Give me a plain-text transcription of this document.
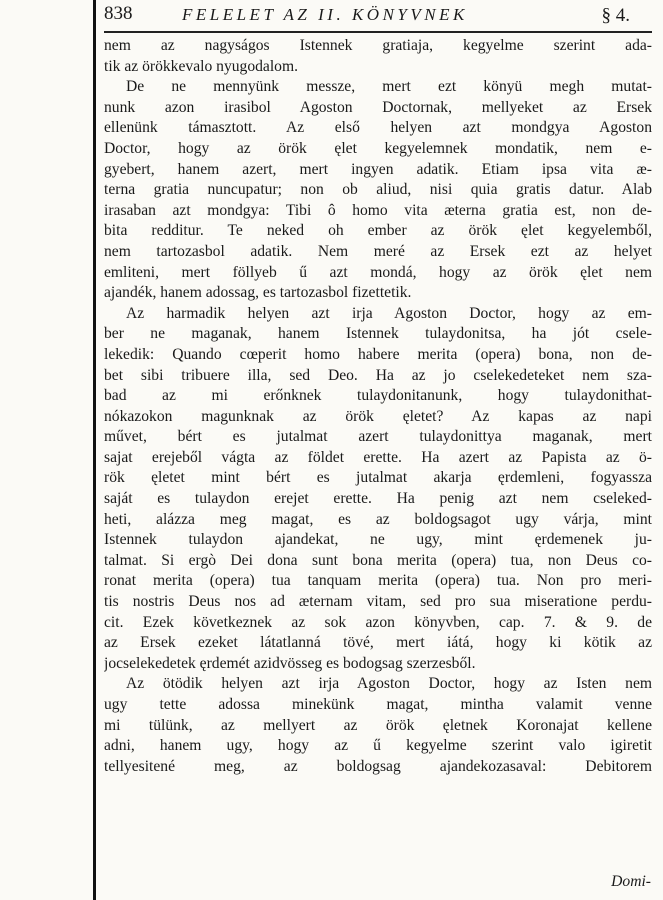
838	FELELET AZ II. KÖNYVNEK	§ 4.
nem az nagyságos Istennek gratiaja, kegyelme szerint ada-
tik az örökkevalo nyugodalom.
De ne mennyünk messze, mert ezt könyü megh mutat-
nunk azon irasibol Agoston Doctornak, mellyeket az Ersek
ellenünk támasztott. Az első helyen azt mondgya Agoston
Doctor, hogy az örök ęlet kegyelemnek mondatik, nem e-
gyebert, hanem azert, mert ingyen adatik. Etiam ipsa vita æ-
terna gratia nuncupatur; non ob aliud, nisi quia gratis datur. Alab
irasaban azt mondgya: Tibi ô homo vita æterna gratia est, non de-
bita redditur. Te neked oh ember az örök ęlet kegyelemből,
nem tartozasbol adatik. Nem meré az Ersek ezt az helyet
emliteni, mert föllyeb ű azt mondá, hogy az örök ęlet nem
ajandék, hanem adossag, es tartozasbol fizettetik.
Az harmadik helyen azt irja Agoston Doctor, hogy az em-
ber ne maganak, hanem Istennek tulaydonitsa, ha jót csele-
lekedik: Quando cœperit homo habere merita (opera) bona, non de-
bet sibi tribuere illa, sed Deo. Ha az jo cselekedeteket nem sza-
bad az mi erőnknek tulaydonitanunk, hogy tulaydonithat-
nókazokon magunknak az örök ęletet? Az kapas az napi
művet, bért es jutalmat azert tulaydonittya maganak, mert
sajat erejeből vágta az földet erette. Ha azert az Papista az ö-
rök ęletet mint bért es jutalmat akarja ęrdemleni, fogyassza
saját es tulaydon erejet erette. Ha penig azt nem cseleked-
heti, alázza meg magat, es az boldogsagot ugy várja, mint
Istennek tulaydon ajandekat, ne ugy, mint ęrdemenek ju-
talmat. Si ergò Dei dona sunt bona merita (opera) tua, non Deus co-
ronat merita (opera) tua tanquam merita (opera) tua. Non pro meri-
tis nostris Deus nos ad æternam vitam, sed pro sua miseratione perdu-
cit. Ezek következnek az sok azon könyvben, cap. 7. & 9. de
az Ersek ezeket látatlanná tövé, mert iátá, hogy ki kötik az
jocselekedetek ęrdemét azidvösseg es bodogsag szerzesből.
Az ötödik helyen azt irja Agoston Doctor, hogy az Isten nem
ugy tette adossa minekünk magat, mintha valamit venne
mi tülünk, az mellyert az örök ęletnek Koronajat kellene
adni, hanem ugy, hogy az ű kegyelme szerint valo igiretit
tellyesitené meg, az boldogsag ajandekozasaval: Debitorem
Domi-
